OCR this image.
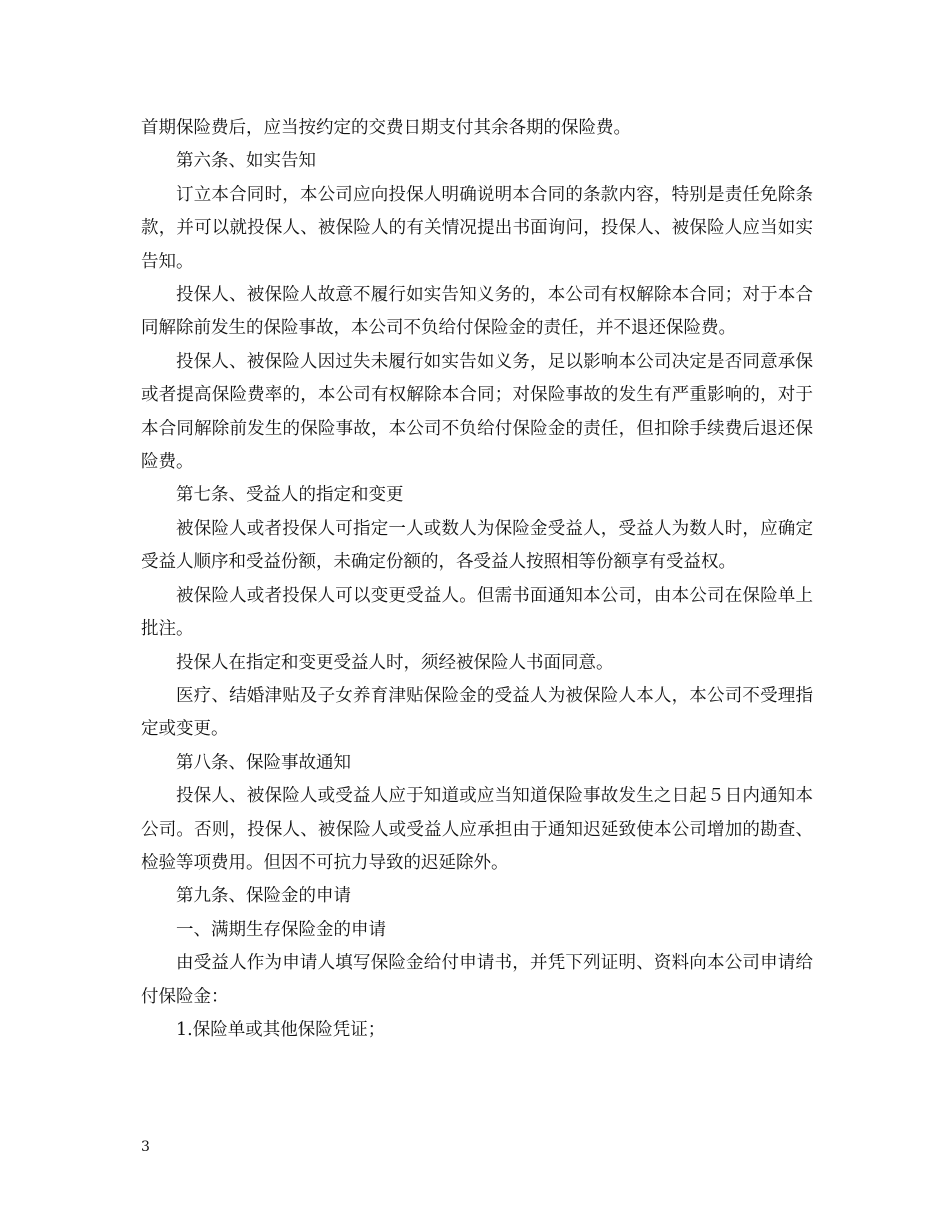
首期保险费后，应当按约定的交费日期支付其余各期的保险费。

第六条、如实告知

订立本合同时，本公司应向投保人明确说明本合同的条款内容，特别是责任免除条款，并可以就投保人、被保险人的有关情况提出书面询问，投保人、被保险人应当如实告知。

投保人、被保险人故意不履行如实告知义务的，本公司有权解除本合同；对于本合同解除前发生的保险事故，本公司不负给付保险金的责任，并不退还保险费。

投保人、被保险人因过失未履行如实告如义务，足以影响本公司决定是否同意承保或者提高保险费率的，本公司有权解除本合同；对保险事故的发生有严重影响的，对于本合同解除前发生的保险事故，本公司不负给付保险金的责任，但扣除手续费后退还保险费。

第七条、受益人的指定和变更

被保险人或者投保人可指定一人或数人为保险金受益人，受益人为数人时，应确定受益人顺序和受益份额，未确定份额的，各受益人按照相等份额享有受益权。

被保险人或者投保人可以变更受益人。但需书面通知本公司，由本公司在保险单上批注。

投保人在指定和变更受益人时，须经被保险人书面同意。

医疗、结婚津贴及子女养育津贴保险金的受益人为被保险人本人，本公司不受理指定或变更。

第八条、保险事故通知

投保人、被保险人或受益人应于知道或应当知道保险事故发生之日起５日内通知本公司。否则，投保人、被保险人或受益人应承担由于通知迟延致使本公司增加的勘查、检验等项费用。但因不可抗力导致的迟延除外。

第九条、保险金的申请

一、满期生存保险金的申请

由受益人作为申请人填写保险金给付申请书，并凭下列证明、资料向本公司申请给付保险金：

1.保险单或其他保险凭证；

3
